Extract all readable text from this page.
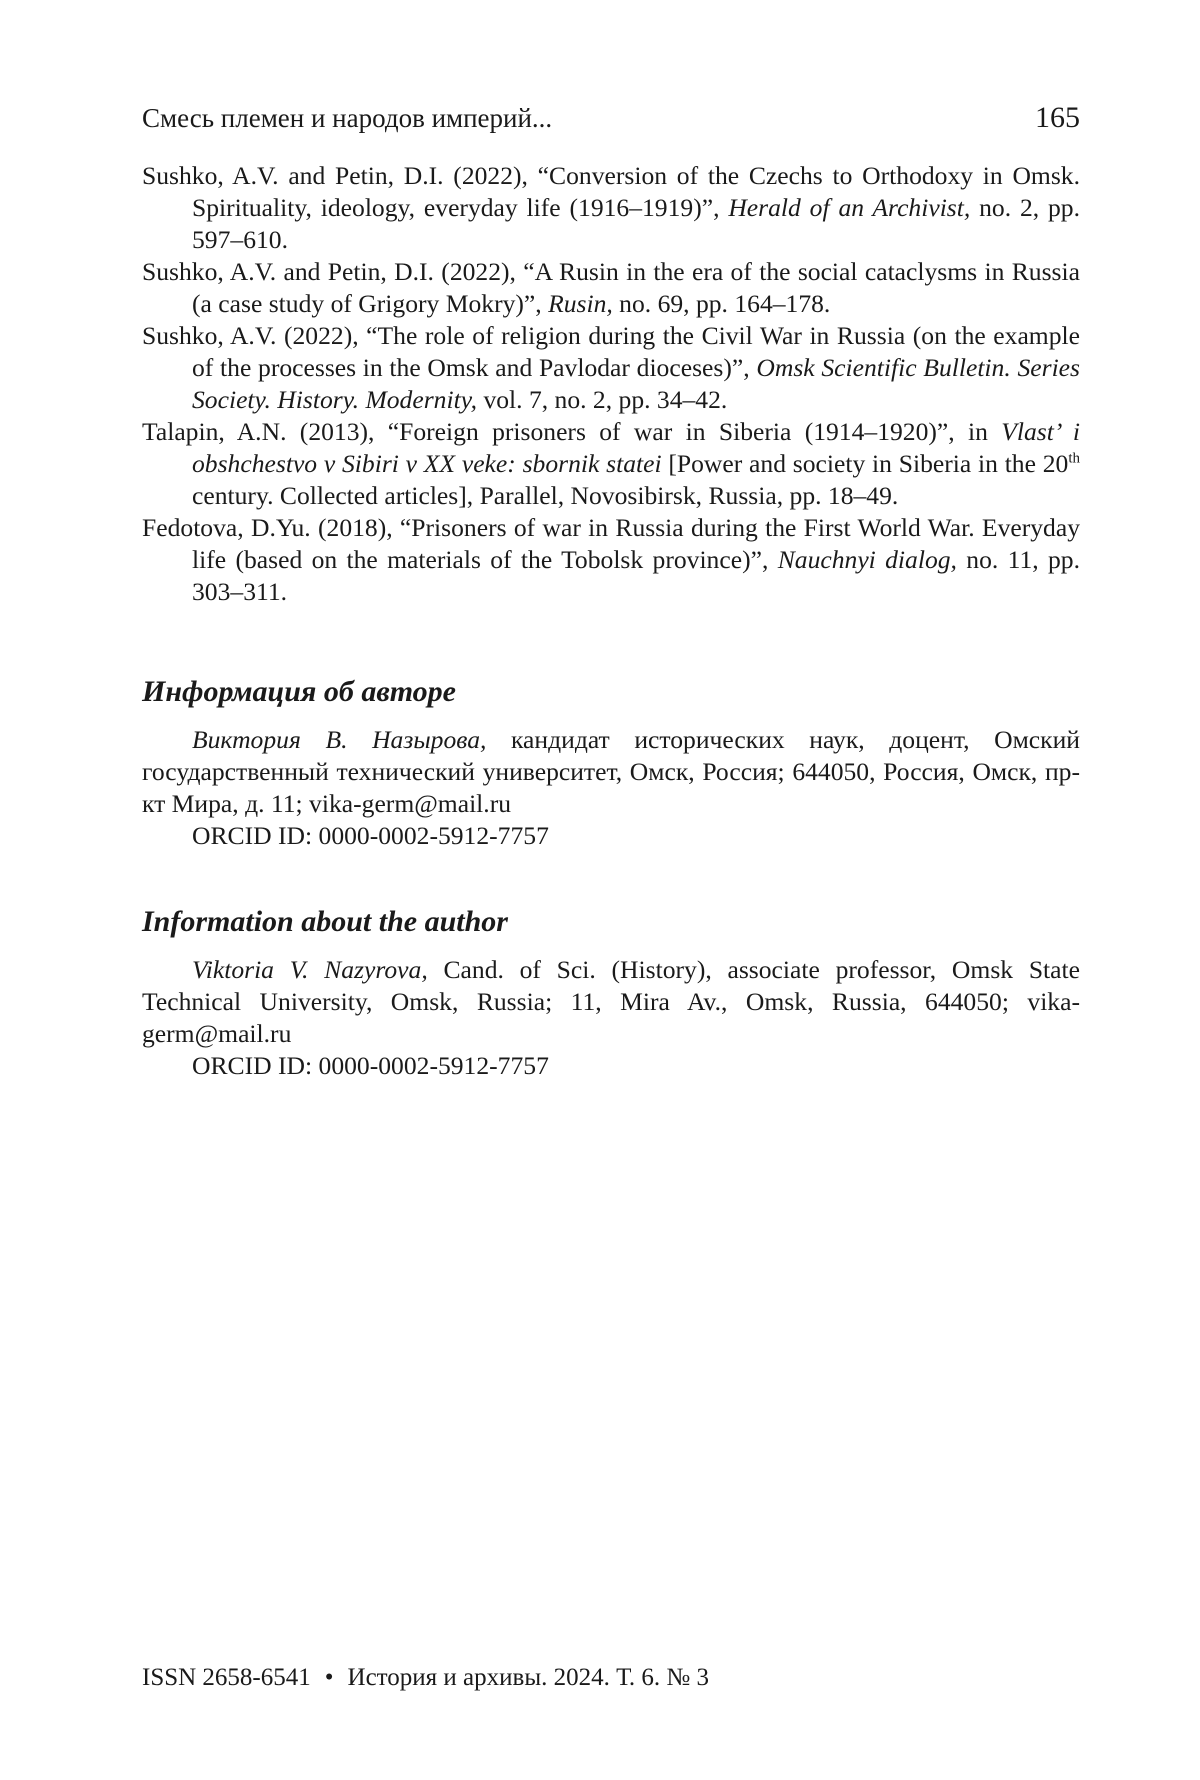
Смесь племен и народов империй...	165

Sushko, A.V. and Petin, D.I. (2022), “Conversion of the Czechs to Orthodoxy in Omsk. Spirituality, ideology, everyday life (1916–1919)”, Herald of an Archivist, no. 2, pp. 597–610.

Sushko, A.V. and Petin, D.I. (2022), “A Rusin in the era of the social cataclysms in Russia (a case study of Grigory Mokry)”, Rusin, no. 69, pp. 164–178.

Sushko, A.V. (2022), “The role of religion during the Civil War in Russia (on the example of the processes in the Omsk and Pavlodar dioceses)”, Omsk Scientific Bulletin. Series Society. History. Modernity, vol. 7, no. 2, pp. 34–42.

Talapin, A.N. (2013), “Foreign prisoners of war in Siberia (1914–1920)”, in Vlast’ i obshchestvo v Sibiri v XX veke: sbornik statei [Power and society in Siberia in the 20th century. Collected articles], Parallel, Novosibirsk, Russia, pp. 18–49.

Fedotova, D.Yu. (2018), “Prisoners of war in Russia during the First World War. Everyday life (based on the materials of the Tobolsk province)”, Nauchnyi dialog, no. 11, pp. 303–311.

Информация об авторе

Виктория В. Назырова, кандидат исторических наук, доцент, Омский государственный технический университет, Омск, Россия; 644050, Россия, Омск, пр-кт Мира, д. 11; vika-germ@mail.ru

ORCID ID: 0000-0002-5912-7757

Information about the author

Viktoria V. Nazyrova, Cand. of Sci. (History), associate professor, Omsk State Technical University, Omsk, Russia; 11, Mira Av., Omsk, Russia, 644050; vika-germ@mail.ru

ORCID ID: 0000-0002-5912-7757

ISSN 2658-6541 • История и архивы. 2024. Т. 6. № 3
